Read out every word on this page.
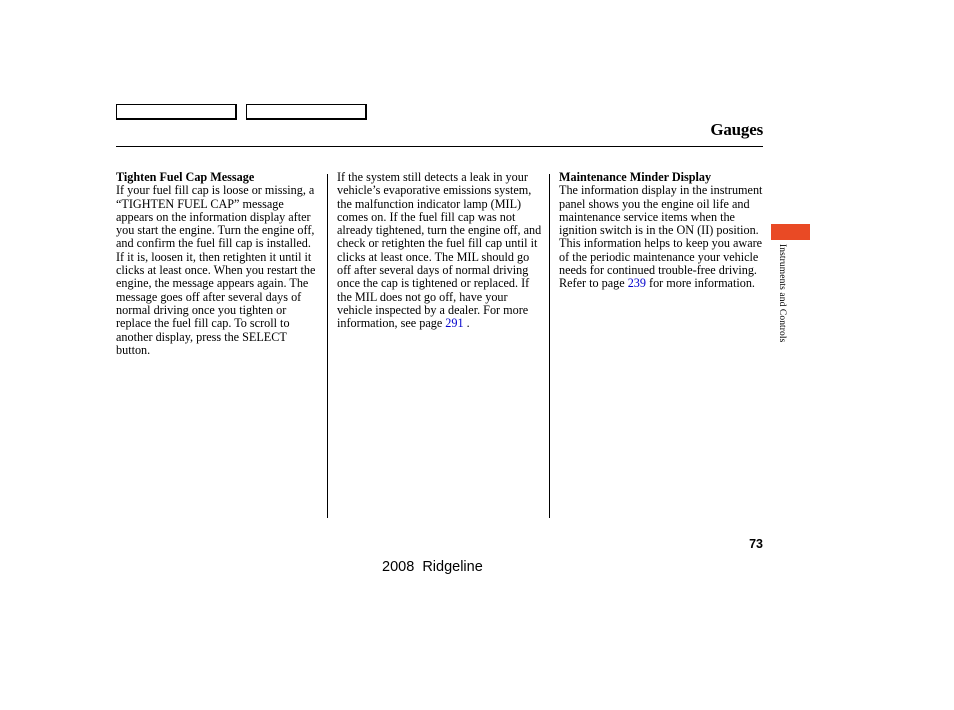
Gauges
Tighten Fuel Cap Message
If your fuel fill cap is loose or missing, a “TIGHTEN FUEL CAP” message appears on the information display after you start the engine. Turn the engine off, and confirm the fuel fill cap is installed. If it is, loosen it, then retighten it until it clicks at least once. When you restart the engine, the message appears again. The message goes off after several days of normal driving once you tighten or replace the fuel fill cap. To scroll to another display, press the SELECT button.
If the system still detects a leak in your vehicle’s evaporative emissions system, the malfunction indicator lamp (MIL) comes on. If the fuel fill cap was not already tightened, turn the engine off, and check or retighten the fuel fill cap until it clicks at least once. The MIL should go off after several days of normal driving once the cap is tightened or replaced. If the MIL does not go off, have your vehicle inspected by a dealer. For more information, see page 291 .
Maintenance Minder Display
The information display in the instrument panel shows you the engine oil life and maintenance service items when the ignition switch is in the ON (II) position. This information helps to keep you aware of the periodic maintenance your vehicle needs for continued trouble-free driving. Refer to page 239 for more information.	Instruments and Controls
73
2008  Ridgeline
